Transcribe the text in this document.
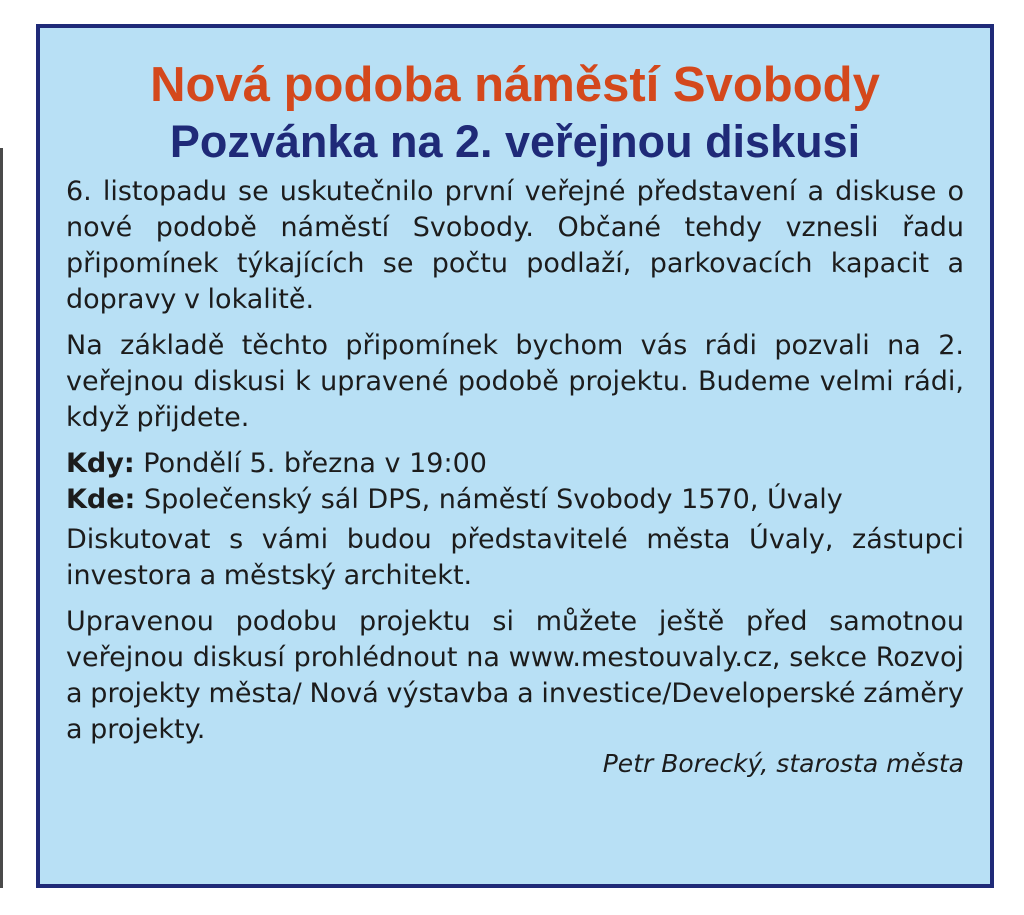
Nová podoba náměstí Svobody
Pozvánka na 2. veřejnou diskusi

6. listopadu se uskutečnilo první veřejné představení a diskuse o nové podobě náměstí Svobody. Občané tehdy vznesli řadu připomínek týkajících se počtu podlaží, parkovacích kapacit a dopravy v lokalitě.

Na základě těchto připomínek bychom vás rádi pozvali na 2. veřejnou diskusi k upravené podobě projektu. Budeme velmi rádi, když přijdete.

Kdy: Pondělí 5. března v 19:00
Kde: Společenský sál DPS, náměstí Svobody 1570, Úvaly

Diskutovat s vámi budou představitelé města Úvaly, zástupci investora a městský architekt.

Upravenou podobu projektu si můžete ještě před samotnou veřejnou diskusí prohlédnout na www.mestouvaly.cz, sekce Rozvoj a projekty města/ Nová výstavba a investice/Developerské záměry a projekty.

Petr Borecký, starosta města
